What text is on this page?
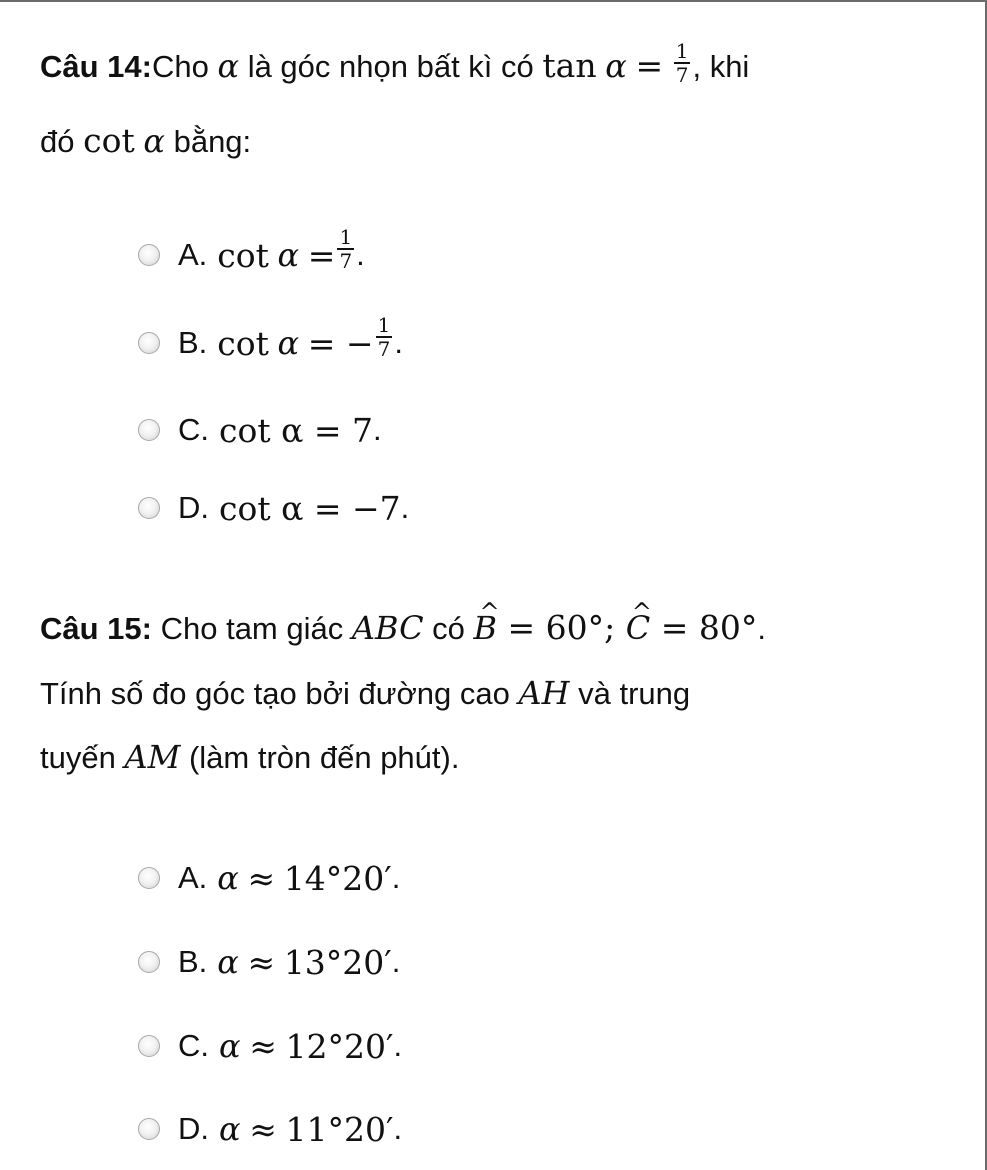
Câu 14:Cho α là góc nhọn bất kì có $\tan \alpha = \frac{1}{7}$ , khi
đó cot α bằng:
A. cot
α
= $\frac{1}{7}$ .
B. cot
α
= − $\frac{1}{7}$ .
C. cot α = 7 .
D. cot α = −7 .
Câu 15: Cho tam giác ABC có ^ B = 60°; ^ C = 80°.
Tính số đo góc tạo bởi đường cao AH và trung
tuyến AM (làm tròn đến phút).
A. α
≈
14°20′ .
B. α
≈
13°20′ .
C. α
≈
12°20′ .
D. α
≈
11°20′ .
